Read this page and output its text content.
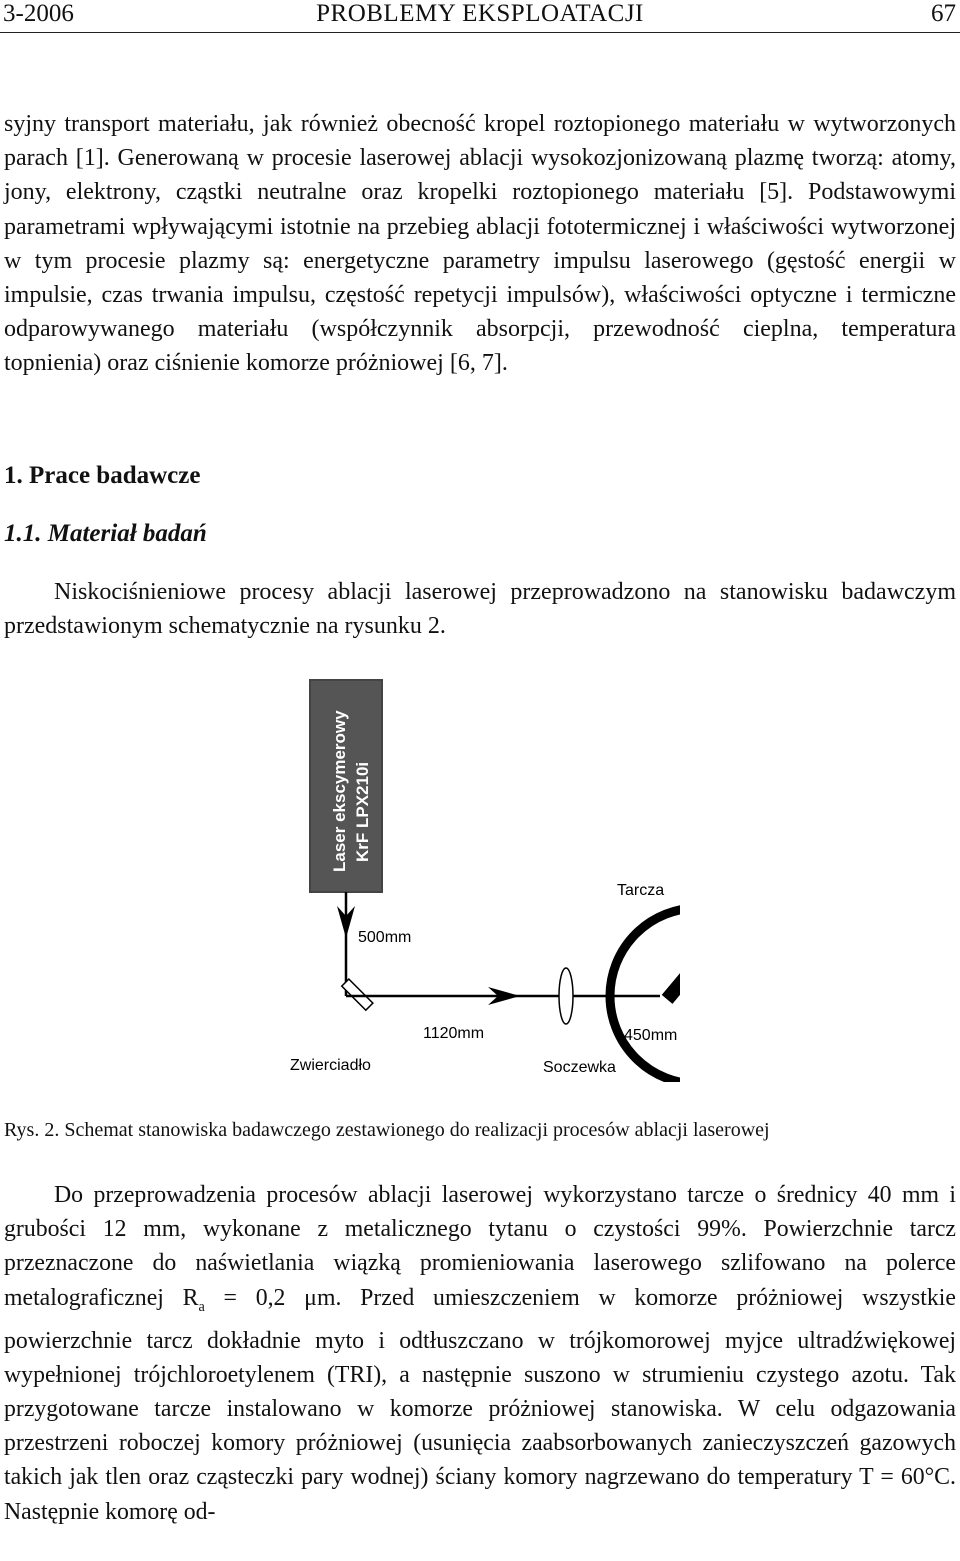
3-2006	PROBLEMY EKSPLOATACJI	67

syjny transport materiału, jak również obecność kropel roztopionego materiału w wytworzonych parach [1]. Generowaną w procesie laserowej ablacji wysokozjonizowaną plazmę tworzą: atomy, jony, elektrony, cząstki neutralne oraz kropelki roztopionego materiału [5]. Podstawowymi parametrami wpływającymi istotnie na przebieg ablacji fototermicznej i właściwości wytworzonej w tym procesie plazmy są: energetyczne parametry impulsu laserowego (gęstość energii w impulsie, czas trwania impulsu, częstość repetycji impulsów), właściwości optyczne i termiczne odparowywanego materiału (współczynnik absorpcji, przewodność cieplna, temperatura topnienia) oraz ciśnienie komorze próżniowej [6, 7].

1. Prace badawcze
1.1. Materiał badań

Niskociśnieniowe procesy ablacji laserowej przeprowadzono na stanowisku badawczym przedstawionym schematycznie na rysunku 2.

Laser ekscymerowy KrF LPX210i
500mm
Zwierciadło
1120mm
Soczewka
Tarcza
450mm
Rys. 2. Schemat stanowiska badawczego zestawionego do realizacji procesów ablacji laserowej

Do przeprowadzenia procesów ablacji laserowej wykorzystano tarcze o średnicy 40 mm i grubości 12 mm, wykonane z metalicznego tytanu o czystości 99%. Powierzchnie tarcz przeznaczone do naświetlania wiązką promieniowania laserowego szlifowano na polerce metalograficznej $R_a = 0,2$ μm. Przed umieszczeniem w komorze próżniowej wszystkie powierzchnie tarcz dokładnie myto i odtłuszczano w trójkomorowej myjce ultradźwiękowej wypełnionej trójchloroetylenem (TRI), a następnie suszono w strumieniu czystego azotu. Tak przygotowane tarcze instalowano w komorze próżniowej stanowiska. W celu odgazowania przestrzeni roboczej komory próżniowej (usunięcia zaabsorbowanych zanieczyszczeń gazowych takich jak tlen oraz cząsteczki pary wodnej) ściany komory nagrzewano do temperatury T = 60°C. Następnie komorę od-
